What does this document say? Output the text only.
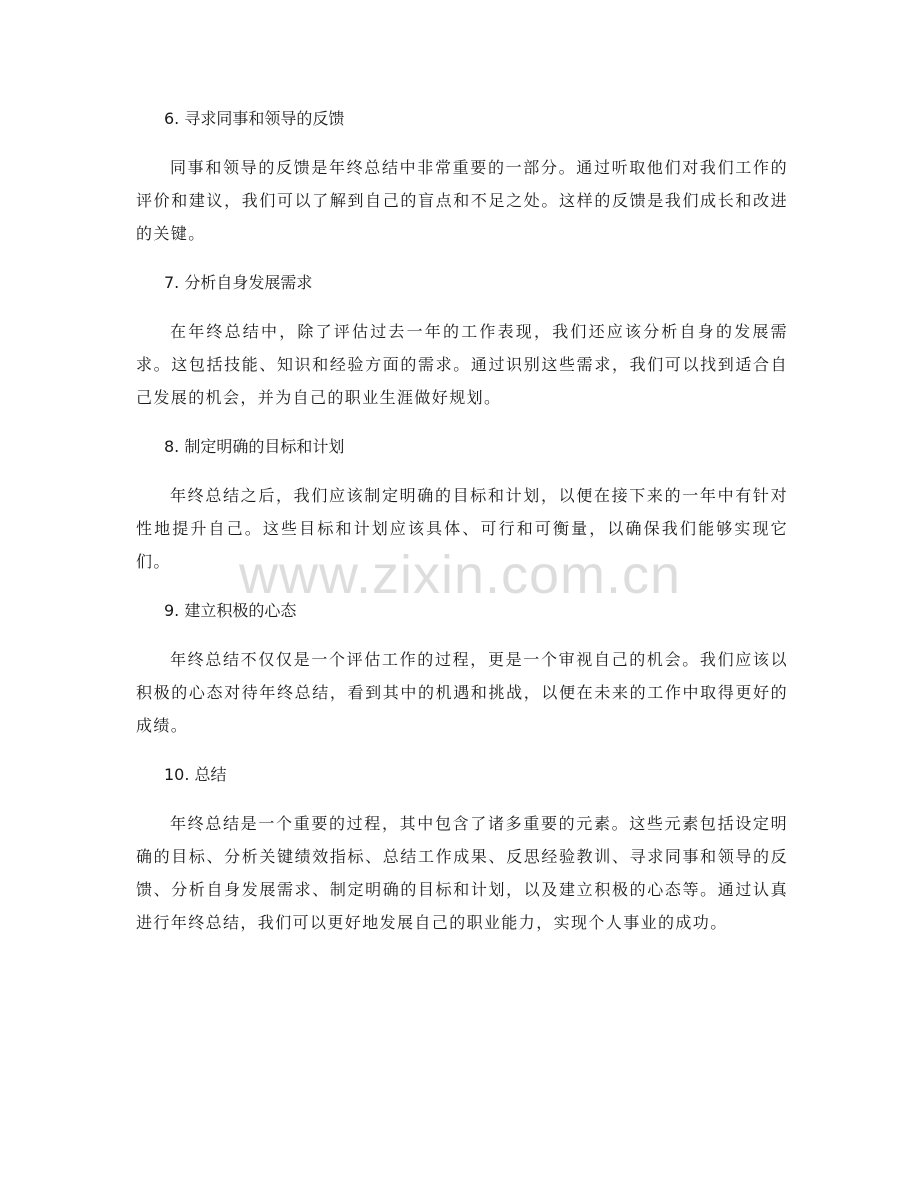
6. 寻求同事和领导的反馈

同事和领导的反馈是年终总结中非常重要的一部分。通过听取他们对我们工作的评价和建议，我们可以了解到自己的盲点和不足之处。这样的反馈是我们成长和改进的关键。

7. 分析自身发展需求

在年终总结中，除了评估过去一年的工作表现，我们还应该分析自身的发展需求。这包括技能、知识和经验方面的需求。通过识别这些需求，我们可以找到适合自己发展的机会，并为自己的职业生涯做好规划。

8. 制定明确的目标和计划

年终总结之后，我们应该制定明确的目标和计划，以便在接下来的一年中有针对性地提升自己。这些目标和计划应该具体、可行和可衡量，以确保我们能够实现它们。

9. 建立积极的心态

年终总结不仅仅是一个评估工作的过程，更是一个审视自己的机会。我们应该以积极的心态对待年终总结，看到其中的机遇和挑战，以便在未来的工作中取得更好的成绩。

10. 总结

年终总结是一个重要的过程，其中包含了诸多重要的元素。这些元素包括设定明确的目标、分析关键绩效指标、总结工作成果、反思经验教训、寻求同事和领导的反馈、分析自身发展需求、制定明确的目标和计划，以及建立积极的心态等。通过认真进行年终总结，我们可以更好地发展自己的职业能力，实现个人事业的成功。

www.zixin.com.cn
